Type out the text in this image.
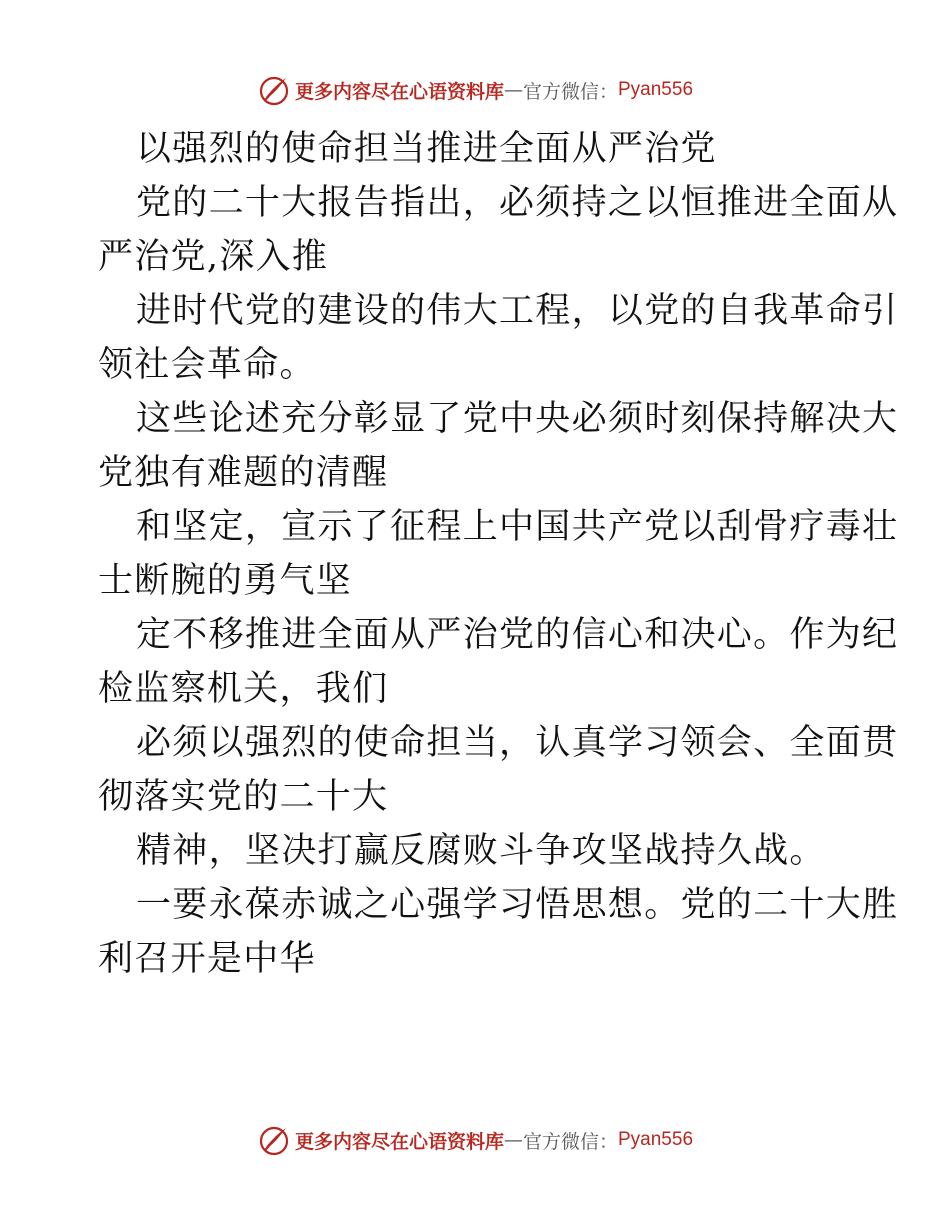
更多内容尽在心语资料库 — 官方微信： Pyan556
以强烈的使命担当推进全面从严治党
党的二十大报告指出，必须持之以恒推进全面从
严治党,深入推
进时代党的建设的伟大工程，以党的自我革命引
领社会革命。
这些论述充分彰显了党中央必须时刻保持解决大
党独有难题的清醒
和坚定，宣示了征程上中国共产党以刮骨疗毒壮
士断腕的勇气坚
定不移推进全面从严治党的信心和决心。作为纪
检监察机关，我们
必须以强烈的使命担当，认真学习领会、全面贯
彻落实党的二十大
精神，坚决打赢反腐败斗争攻坚战持久战。
一要永葆赤诚之心强学习悟思想。党的二十大胜
利召开是中华
更多内容尽在心语资料库 — 官方微信： Pyan556
